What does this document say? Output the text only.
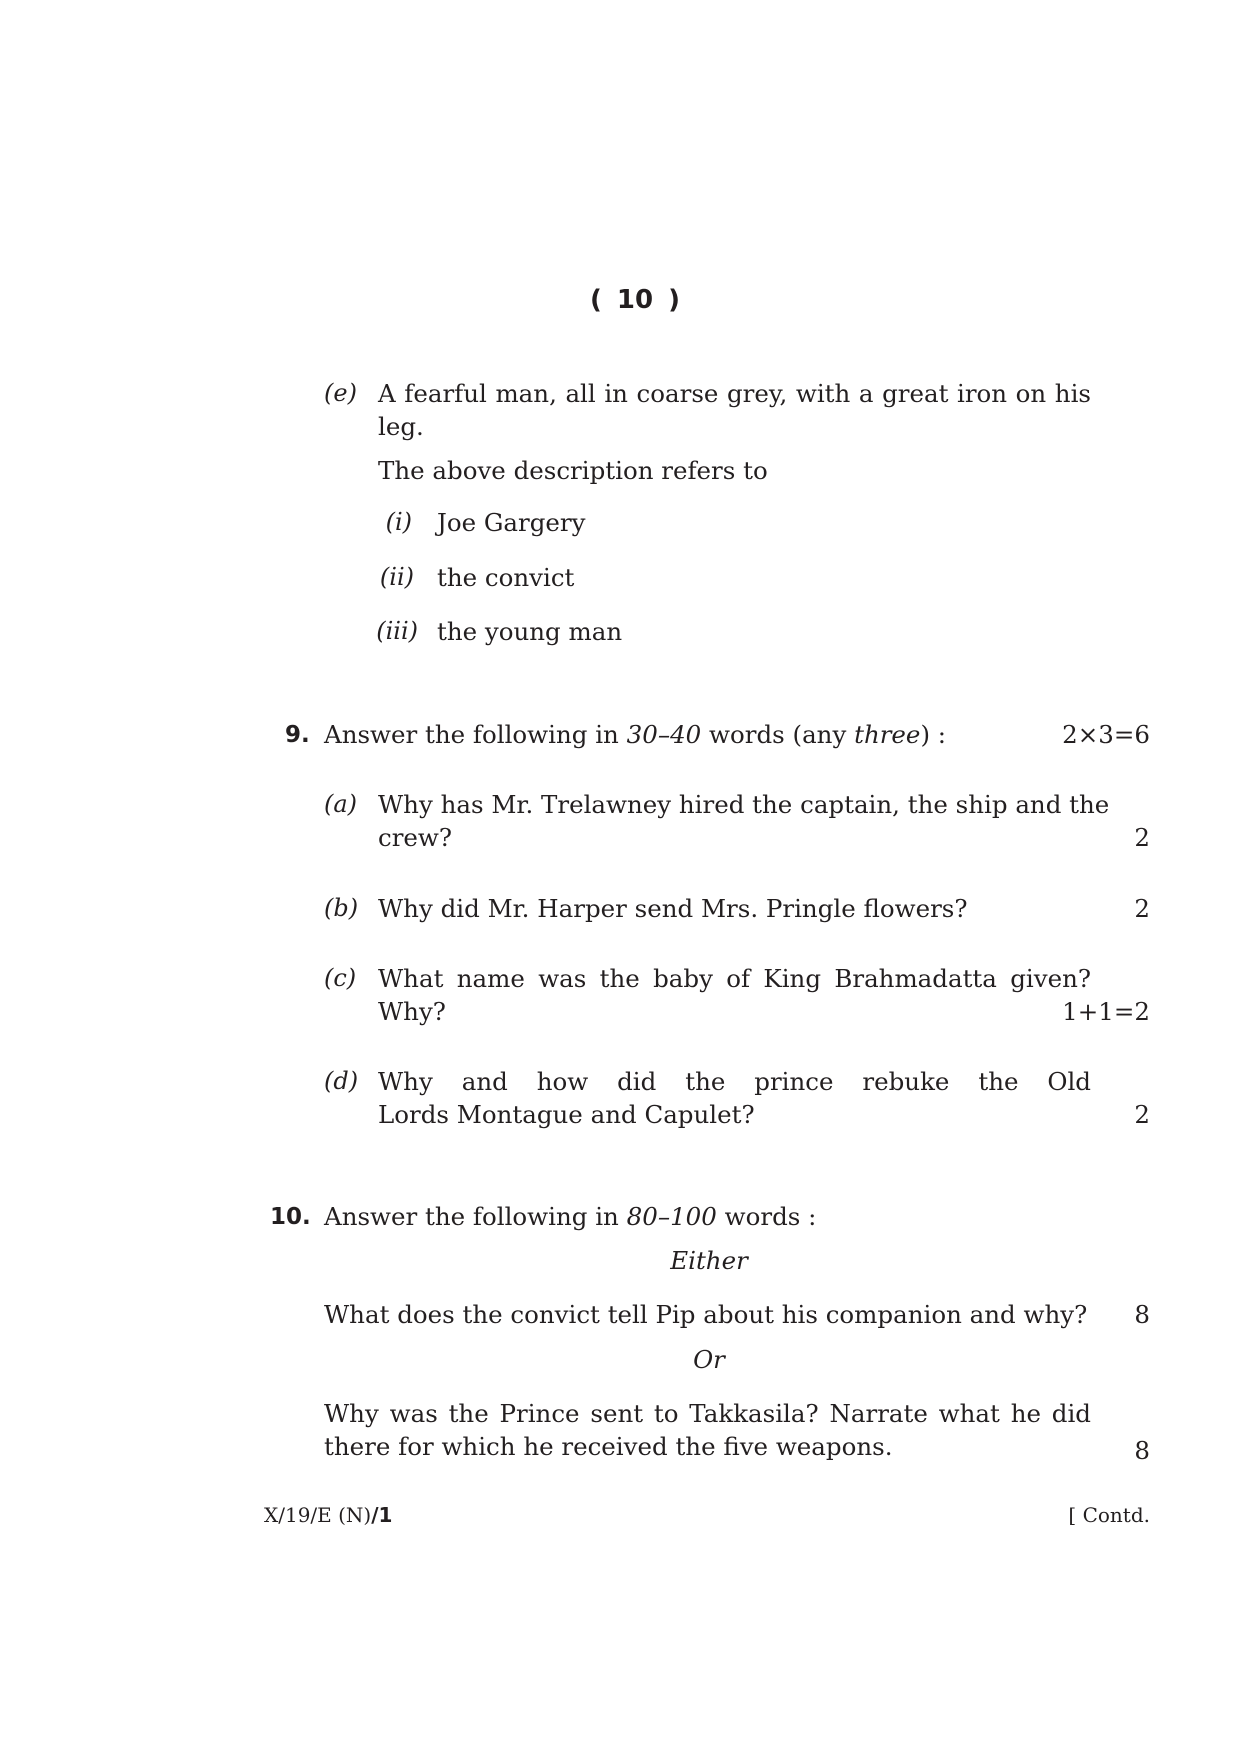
( 10 )
(e) A fearful man, all in coarse grey, with a great iron on his
leg.
The above description refers to
(i) Joe Gargery
(ii) the convict
(iii) the young man
9. Answer the following in 30–40 words (any three) :	2×3=6
(a) Why has Mr. Trelawney hired the captain, the ship and the
crew?	2
(b) Why did Mr. Harper send Mrs. Pringle flowers?	2
(c) What name was the baby of King Brahmadatta given?
Why?	1+1=2
(d) Why and how did the prince rebuke the Old
Lords Montague and Capulet?	2
10. Answer the following in 80–100 words :
Either
What does the convict tell Pip about his companion and why?	8
Or
Why was the Prince sent to Takkasila? Narrate what he did
there for which he received the five weapons.	8
X/19/E (N)/1	[ Contd.
